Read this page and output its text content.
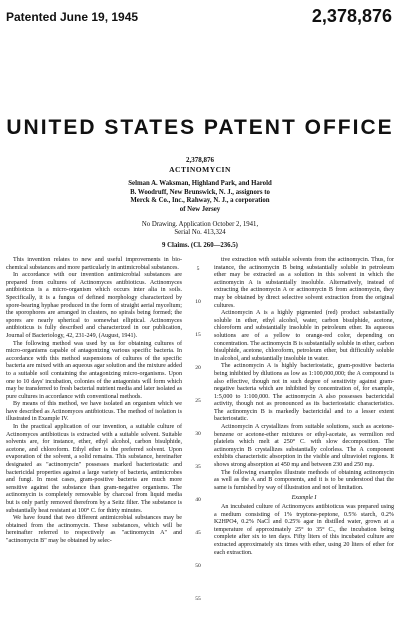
Patented June 19, 1945	2,378,876
UNITED STATES PATENT OFFICE
2,378,876
ACTINOMYCIN
Selman A. Waksman, Highland Park, and Harold
B. Woodruff, New Brunswick, N. J., assignors to
Merck & Co., Inc., Rahway, N. J., a corporation
of New Jersey
No Drawing. Application October 2, 1941,
Serial No. 413,324
9 Claims. (Cl. 260—236.5)

This invention relates to new and useful improvements in bio-chemical substances and more particularly in antimicrobial substances.

In accordance with our invention antimicrobial substances are prepared from cultures of Actinomyces antibioticus. Actinomyces antibioticus is a micro-organism which occurs inter alia in soils. Specifically, it is a fungus of defined morphology characterized by spore-bearing hyphae produced in the form of straight aerial mycelium; the sporophores are arranged in clusters, no spirals being formed; the spores are nearly spherical to somewhat elliptical. Actinomyces antibioticus is fully described and characterized in our publication, Journal of Bacteriology, 42, 231-249, (August, 1941).

The following method was used by us for obtaining cultures of micro-organisms capable of antagonizing various specific bacteria. In accordance with this method suspensions of cultures of the specific bacteria are mixed with an aqueous agar solution and the mixture added to a suitable soil containing the antagonizing micro-organisms. Upon one to 10 days' incubation, colonies of the antagonists will form which may be transferred to fresh bacterial nutrient media and later isolated as pure cultures in accordance with conventional methods.

By means of this method, we have isolated an organism which we have described as Actinomyces antibioticus. The method of isolation is illustrated in Example IV.

In the practical application of our invention, a suitable culture of Actinomyces antibioticus is extracted with a suitable solvent. Suitable solvents are, for instance, ether, ethyl alcohol, carbon bisulphide, acetone, and chloroform. Ethyl ether is the preferred solvent. Upon evaporation of the solvent, a solid remains. This substance, hereinafter designated as "actinomycin" possesses marked bacteriostatic and bactericidal properties against a large variety of bacteria, antimicrobes and fungi. In most cases, gram-positive bacteria are much more sensitive against the substance than gram-negative organisms. The actinomycin is completely removable by charcoal from liquid media but is only partly removed therefrom by a Seitz filter. The substance is substantially heat resistant at 100° C. for thirty minutes.

We have found that two different antimicrobial substances may be obtained from the actinomycin. These substances, which will be hereinafter referred to respectively as "actinomycin A" and "actinomycin B" may be obtained by selec-

5
10
15
20
25
30
35
40
45
50
55

tive extraction with suitable solvents from the actinomycin. Thus, for instance, the actinomycin B being substantially soluble in petroleum ether may be extracted as a solution in this solvent in which the actinomycin A is substantially insoluble. Alternatively, instead of extracting the actinomycin A or actinomycin B from actinomycin, they may be obtained by direct selective solvent extraction from the original cultures.

Actinomycin A is a highly pigmented (red) product substantially soluble in ether, ethyl alcohol, water, carbon bisulphide, acetone, chloroform and substantially insoluble in petroleum ether. Its aqueous solutions are of a yellow to orange-red color, depending on concentration. The actinomycin B is substantially soluble in ether, carbon bisulphide, acetone, chloroform, petroleum ether, but difficultly soluble in alcohol, and substantially insoluble in water.

The actinomycin A is highly bacteriostatic, gram-positive bacteria being inhibited by dilutions as low as 1:100,000,000; the A compound is also effective, though not in such degree of sensitivity against gram-negative bacteria which are inhibited by concentration of, for example, 1:5,000 to 1:100,000. The actinomycin A also possesses bactericidal activity, though not as pronounced as its bacteriostatic characteristics. The actinomycin B is markedly bactericidal and to a lesser extent bacteriostatic.

Actinomycin A crystallizes from suitable solutions, such as acetone-benzene or acetone-ether mixtures or ethyl-acetate, as vermilion red platelets which melt at 250° C. with slow decomposition. The actinomycin B crystallizes substantially colorless. The A component exhibits characteristic absorption in the visible and ultraviolet regions. It shows strong absorption at 450 mμ and between 230 and 250 mμ.

The following examples illustrate methods of obtaining actinomycin as well as the A and B components, and it is to be understood that the same is furnished by way of illustration and not of limitation.

Example I

An incubated culture of Actinomyces antibioticus was prepared using a medium consisting of 1% tryptone-peptone, 0.5% starch, 0.2% K2HPO4, 0.2% NaCl and 0.25% agar in distilled water, grown at a temperature of approximately 25° to 35° C., the incubation being complete after six to ten days. Fifty liters of this incubated culture are extracted approximately six times with ether, using 20 liters of ether for each extraction.
